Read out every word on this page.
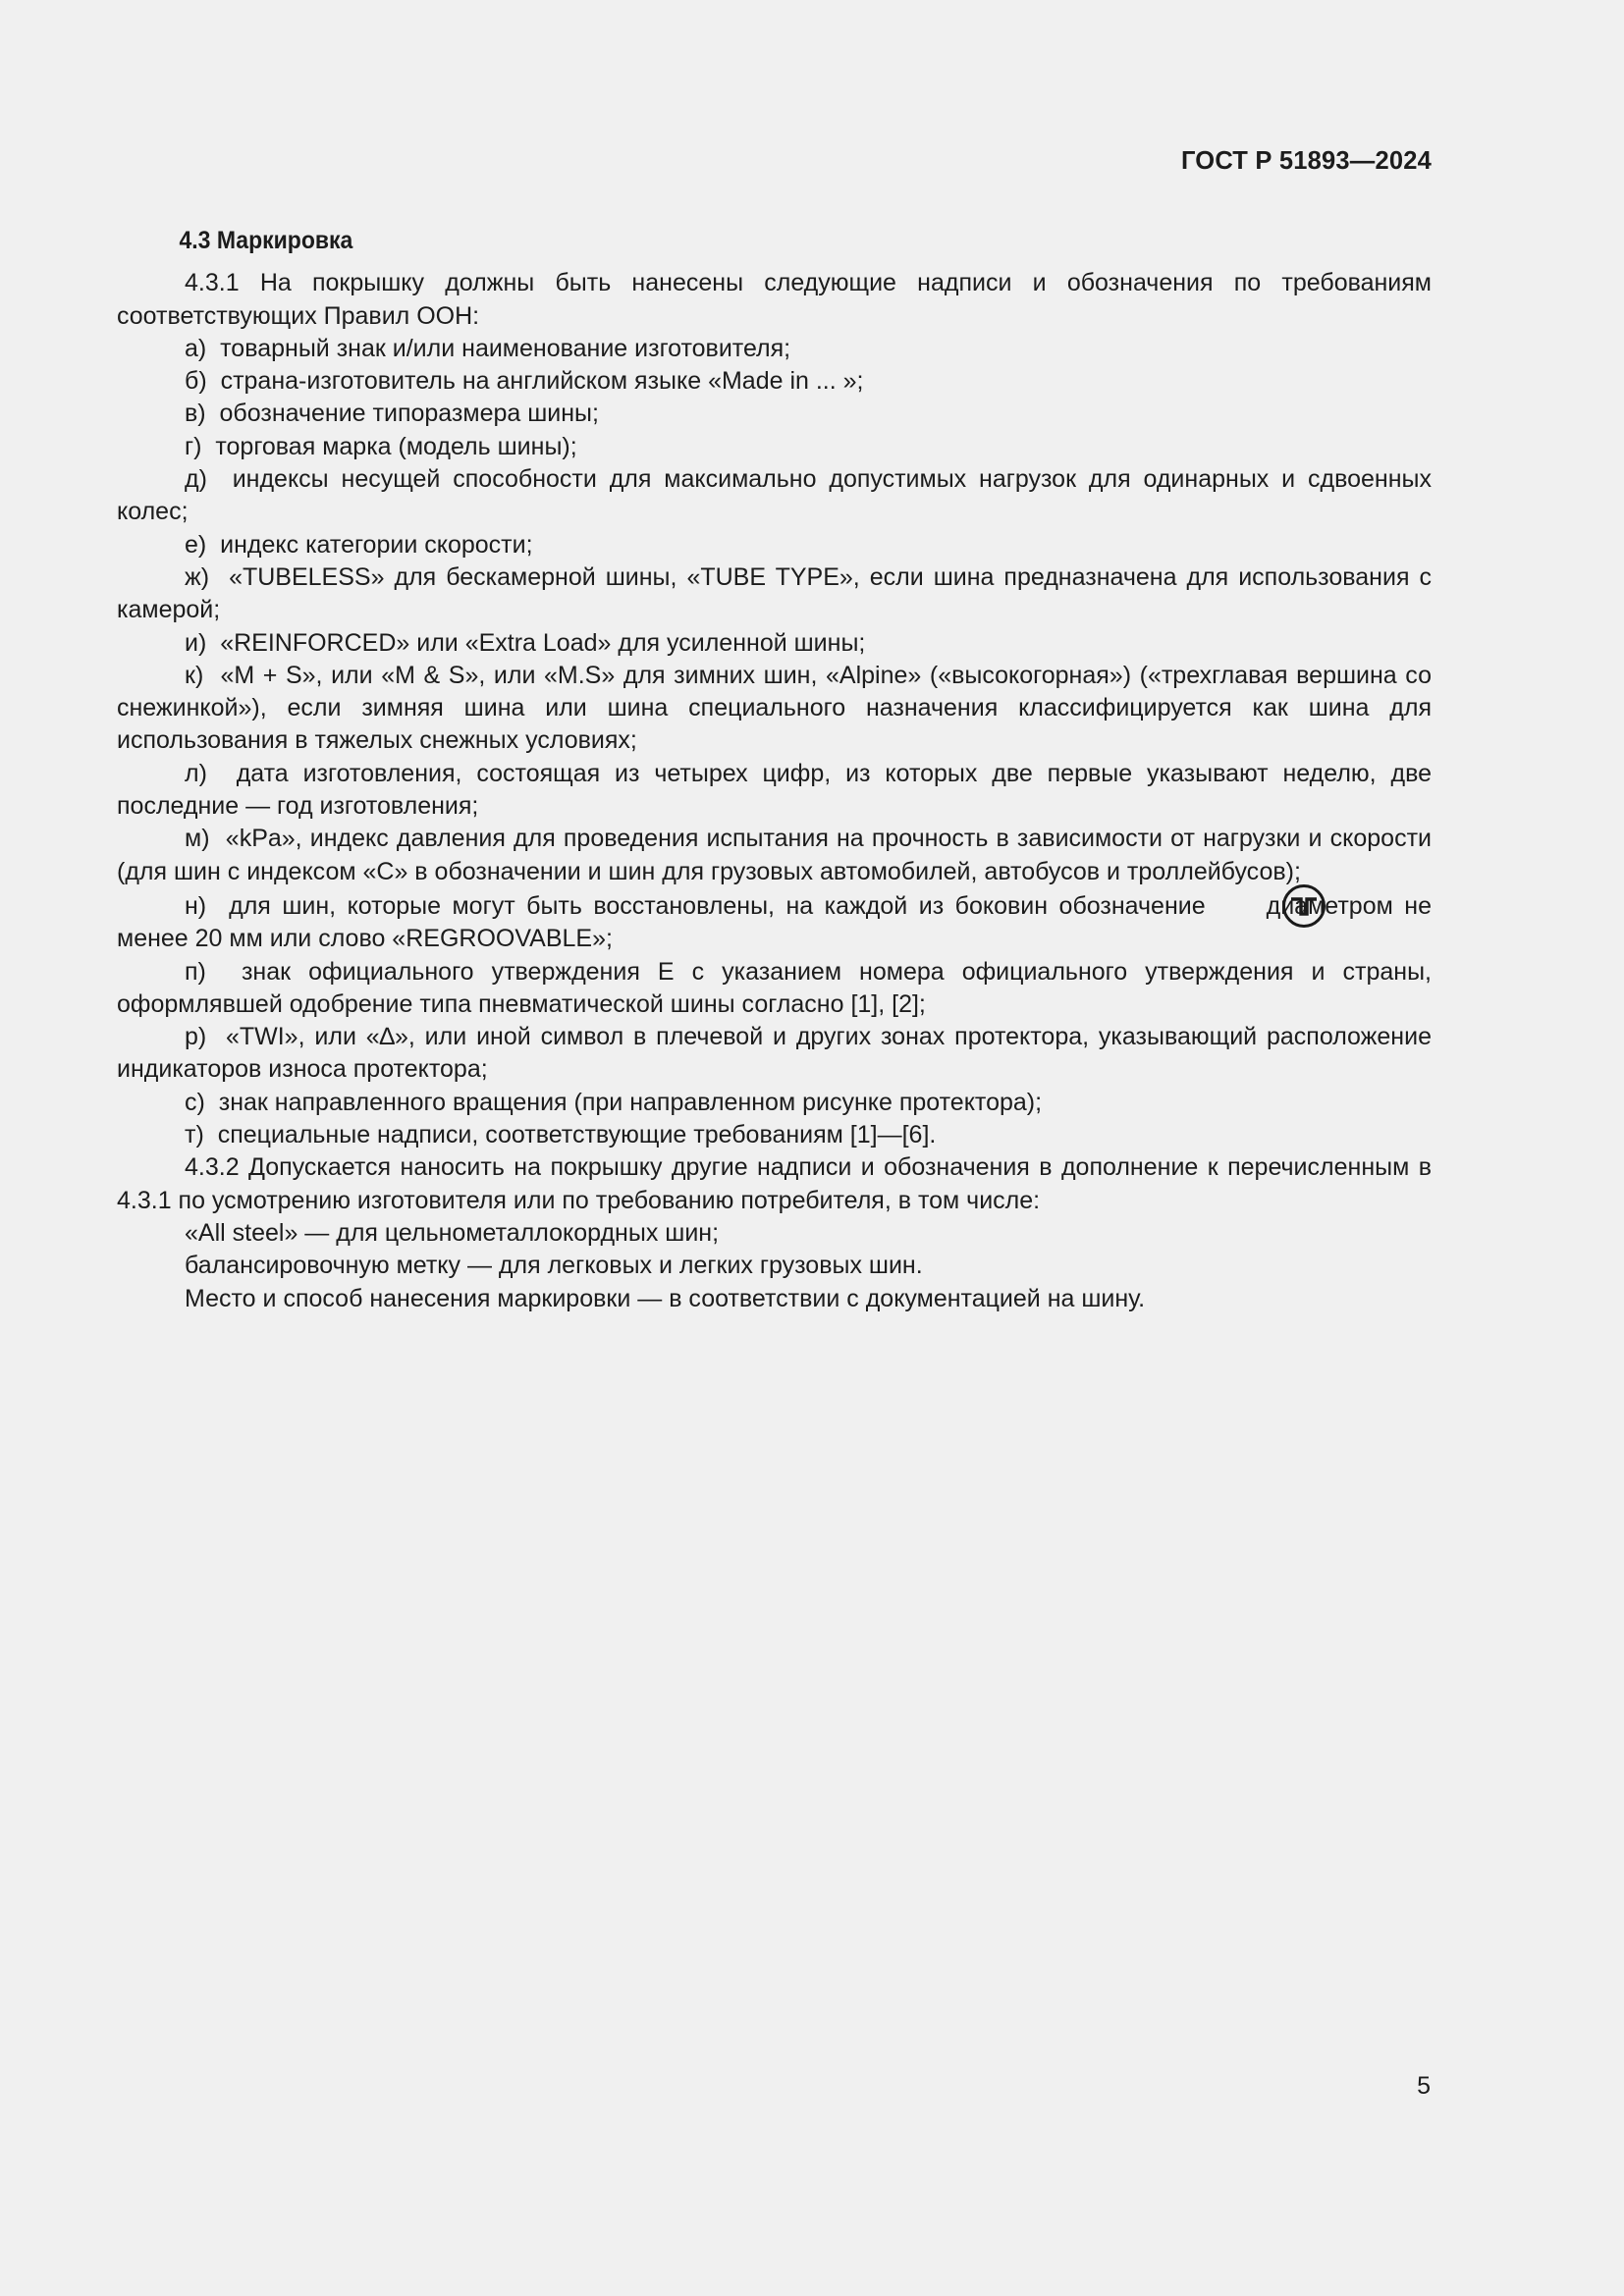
ГОСТ Р 51893—2024
4.3 Маркировка

4.3.1 На покрышку должны быть нанесены следующие надписи и обозначения по требованиям соответствующих Правил ООН:

а) товарный знак и/или наименование изготовителя;

б) страна-изготовитель на английском языке «Made in ... »;

в) обозначение типоразмера шины;

г) торговая марка (модель шины);

д) индексы несущей способности для максимально допустимых нагрузок для одинарных и сдвоенных колес;

е) индекс категории скорости;

ж) «TUBELESS» для бескамерной шины, «TUBE TYPE», если шина предназначена для использования с камерой;

и) «REINFORCED» или «Extra Load» для усиленной шины;

к) «M + S», или «M & S», или «M.S» для зимних шин, «Alpine» («высокогорная») («трехглавая вершина со снежинкой»), если зимняя шина или шина специального назначения классифицируется как шина для использования в тяжелых снежных условиях;

л) дата изготовления, состоящая из четырех цифр, из которых две первые указывают неделю, две последние — год изготовления;

м) «kPa», индекс давления для проведения испытания на прочность в зависимости от нагрузки и скорости (для шин с индексом «С» в обозначении и шин для грузовых автомобилей, автобусов и троллейбусов);

н) для шин, которые могут быть восстановлены, на каждой из боковин обозначение диаметром не менее 20 мм или слово «REGROOVABLE»;

п) знак официального утверждения E с указанием номера официального утверждения и страны, оформлявшей одобрение типа пневматической шины согласно [1], [2];

р) «TWI», или «∆», или иной символ в плечевой и других зонах протектора, указывающий расположение индикаторов износа протектора;

с) знак направленного вращения (при направленном рисунке протектора);

т) специальные надписи, соответствующие требованиям [1]—[6].

4.3.2 Допускается наносить на покрышку другие надписи и обозначения в дополнение к перечисленным в 4.3.1 по усмотрению изготовителя или по требованию потребителя, в том числе:

«All steel» — для цельнометаллокордных шин;

балансировочную метку — для легковых и легких грузовых шин.

Место и способ нанесения маркировки — в соответствии с документацией на шину.

5
